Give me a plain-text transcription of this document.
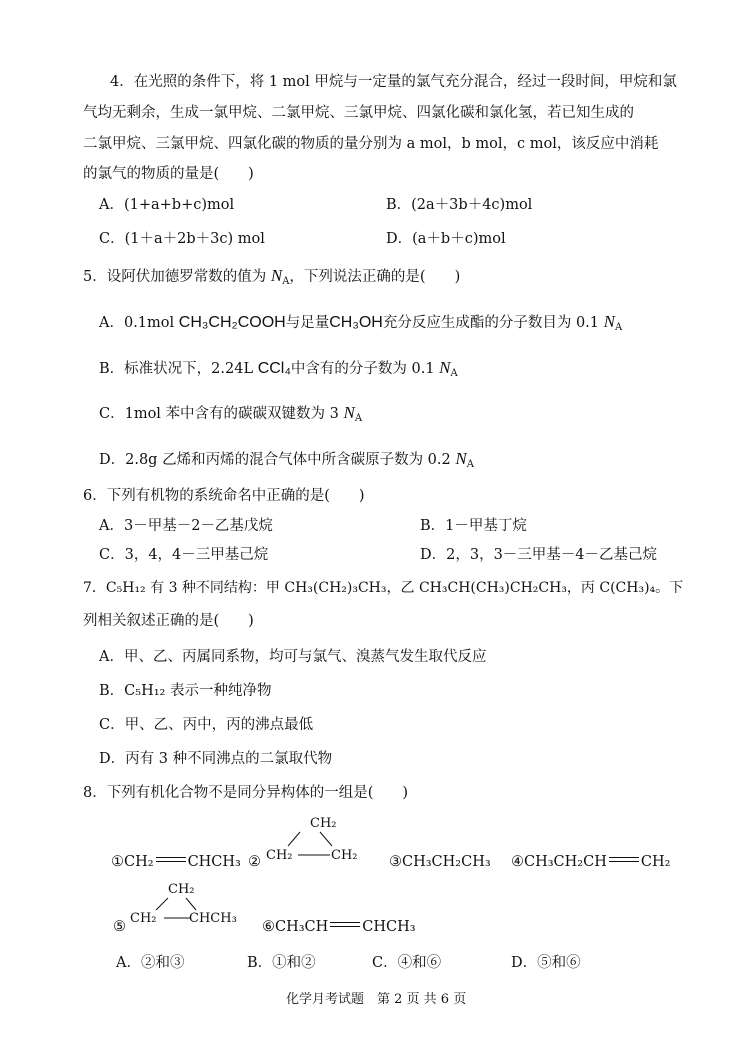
4．在光照的条件下，将 1 mol 甲烷与一定量的氯气充分混合，经过一段时间，甲烷和氯
气均无剩余，生成一氯甲烷、二氯甲烷、三氯甲烷、四氯化碳和氯化氢，若已知生成的
二氯甲烷、三氯甲烷、四氯化碳的物质的量分别为 a mol，b mol，c mol，该反应中消耗
的氯气的物质的量是(　　)
A．(1+a+b+c)mol	B．(2a＋3b＋4c)mol
C．(1＋a＋2b＋3c) mol	D．(a＋b＋c)mol
5．设阿伏加德罗常数的值为 $N_A$，下列说法正确的是(　　)
A．0.1mol CH₃CH₂COOH与足量CH₃OH充分反应生成酯的分子数目为 0.1 $N_A$
B．标准状况下，2.24L CCl₄中含有的分子数为 0.1 $N_A$
C．1mol 苯中含有的碳碳双键数为 3 $N_A$
D．2.8g 乙烯和丙烯的混合气体中所含碳原子数为 0.2 $N_A$
6．下列有机物的系统命名中正确的是(　　)
A．3－甲基－2－乙基戊烷	B．1－甲基丁烷
C．3，4，4－三甲基己烷	D．2，3，3－三甲基－4－乙基己烷
7．C₅H₁₂ 有 3 种不同结构：甲 CH₃(CH₂)₃CH₃，乙 CH₃CH(CH₃)CH₂CH₃，丙 C(CH₃)₄。下
列相关叙述正确的是(　　)
A．甲、乙、丙属同系物，均可与氯气、溴蒸气发生取代反应
B．C₅H₁₂ 表示一种纯净物
C．甲、乙、丙中，丙的沸点最低
D．丙有 3 种不同沸点的二氯取代物
8．下列有机化合物不是同分异构体的一组是(　　)
①CH₂ CHCH₃ ②
CH₂
CH₂	CH₂ ③CH₃CH₂CH₃ ④CH₃CH₂CH CH₂
⑤
CH₂
CH₂	CHCH₃
⑥CH₃CH CHCH₃
A．②和③	B．①和②	C．④和⑥	D．⑤和⑥
化学月考试题　第 2 页 共 6 页
